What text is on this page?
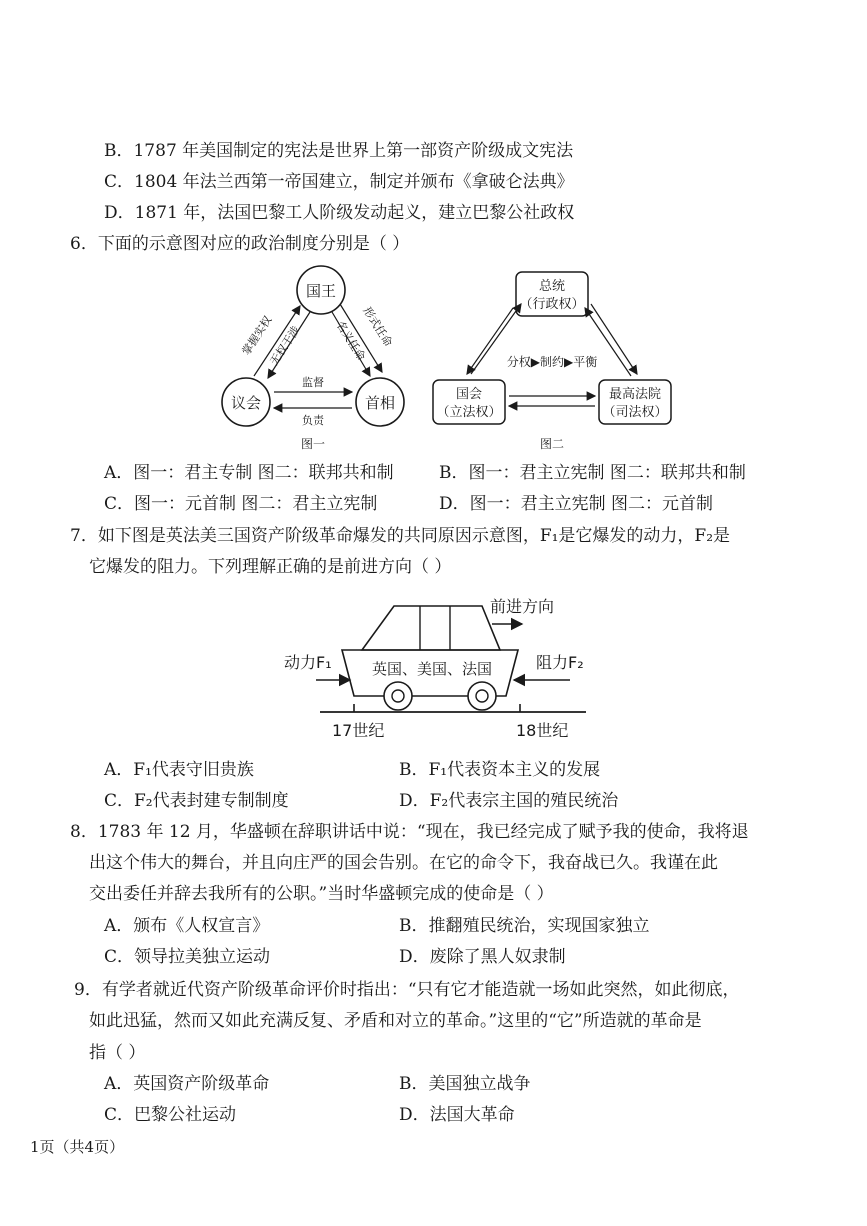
B．1787 年美国制定的宪法是世界上第一部资产阶级成文宪法
C．1804 年法兰西第一帝国建立，制定并颁布《拿破仑法典》
D．1871 年，法国巴黎工人阶级发动起义，建立巴黎公社政权
6．下面的示意图对应的政治制度分别是（ ）
国王
议会	首相
掌握实权
无权干涉	形式任命
名义任命
监督
负责
图一
总统
（行政权）
国会
（立法权）
最高法院
（司法权）
分权▶制约▶平衡
图二
A．图一：君主专制 图二：联邦共和制	B．图一：君主立宪制 图二：联邦共和制
C．图一：元首制 图二：君主立宪制	D．图一：君主立宪制 图二：元首制
7．如下图是英法美三国资产阶级革命爆发的共同原因示意图，F₁是它爆发的动力，F₂是
它爆发的阻力。下列理解正确的是前进方向（ ）
前进方向
英国、美国、法国
动力F₁	阻力F₂
17世纪	18世纪
A．F₁代表守旧贵族	B．F₁代表资本主义的发展
C．F₂代表封建专制制度	D．F₂代表宗主国的殖民统治
8．1783 年 12 月，华盛顿在辞职讲话中说：“现在，我已经完成了赋予我的使命，我将退
出这个伟大的舞台，并且向庄严的国会告别。在它的命令下，我奋战已久。我谨在此
交出委任并辞去我所有的公职。”当时华盛顿完成的使命是（ ）
A．颁布《人权宣言》	B．推翻殖民统治，实现国家独立
C．领导拉美独立运动	D．废除了黑人奴隶制
9．有学者就近代资产阶级革命评价时指出：“只有它才能造就一场如此突然，如此彻底，
如此迅猛，然而又如此充满反复、矛盾和对立的革命。”这里的“它”所造就的革命是
指（ ）
A．英国资产阶级革命	B．美国独立战争
C．巴黎公社运动	D．法国大革命
1页（共4页）
